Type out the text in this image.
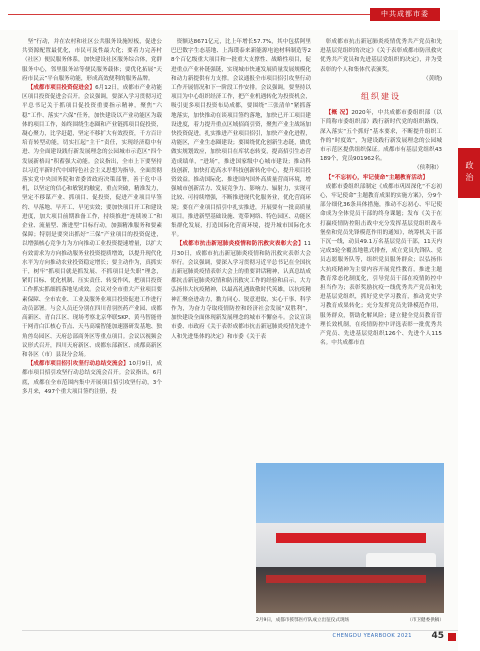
中共成都市委
政治

坚”行动，并在农村和社区公共服务设施短板，促进公共资源配置最优化，市民可及性最大化；要着力完善村（社区）便民服务体系，加快建设社区服务综合体，党群服务中心，邻里服务站等便民服务载体；要优化拓展“天府市民云”平台服务功能，形成高效便利的服务品牌。

【成都市项目投资促进会】6月12日，成都市产业功能区项目投资促进会召开。会议强调，要深入学习贯彻习近平总书记关于抓项目促投资重要指示精神，聚焦“六稳”工作、落实“六保”任务，加快建设以产业功能区为载体的项目工作，始终围绕生态圈和产业链抓项目促投资，凝心聚力，比学赶超，坚定不移扩大有效投资，千方百计培育转型动能，切实扛起“主干”责任，实现经济稳中有进、为全面建设践行新发展理念的公园城市示范区“四个发展新格局”积蓄强大动能。会议指出，全市上下要坚持以习近平新时代中国特色社会主义思想为指导，全面贯彻落实党中央国务院和省委省政府决策部署，善于危中寻机，以坚定的信心和敏锐的触觉，重点突破，精准发力，坚定不移谋产业、抓项目、促投资，促进产业项目早签约、早落地、早开工、早见实效；要加快项目开工和建设进度，加大项目前期准备工作，持续推进“连续竣工”和企业、流量型、渐进型”目标行动，加强精准服务和要素保障；特别是要突出抓好“三保”产业项目的投资促进，以增强核心竞争力为方向推动工业投资提速增量，以扩大有效需求为方向推动服务业投资提质增效，以提升现代化水平为方向推动农业投资稳定增长；要主动作为，真抓实干，树牢“抓项目就是抓发展、不抓项目是失职”理念，紧盯目标、优化机制、压实责任、转变作风，把项目投资工作抓实抓细抓落地见成效。会议对全市重大产业项目要素保障、全市农业、工业及服务业项目投资促进工作进行动员部署。与会人员还分别在四川青羽医药产业园、成都高新区、青白江区、现场考察北京华联SKP、黄马智能骨干网青白江核心节点、天马高端智能加速器研发基地、独角兽岛园区、天府总部商务区等重点项目。会议以视频会议形式召开，四川天府新区、成都东部新区、成都高新区和各区（市）县设分会场。

【成都市项目招引攻坚行动总结交流会】10月9日，成都市项目招引攻坚行动总结交流会召开。会议指出，6月底，成都在全市范围内集中开展项目招引攻坚行动，3个多月来，497个重大项目签约注册，投

资额达8671亿元，比上年增长57.7%，其中包括阿里巴巴数字生态基地、上海璞泰来新能源电池材料制造等28个百亿级重大项目和一批重大支撑性、战略性项目，促进重点产业补链强链，实现城市快速发展质量发展规模化和动力新提供有力支撑。会议通报全市项目招引攻坚行动工作开展情况和下一阶段工作安排。会议强调，要坚持以项目为中心组织经济工作，把产业机遇转化为投资机会，吸引更多项目投资布局成都，要围绕“三张清单”紧抓落地落实，加快推动在谈项目签约落地，加快已开工项目建设进度，着力提升重点区域招商引资，聚焦产业主战场加快投资促进，扎实推进产业项目招引，加快产业化进程，功能区，产业生态圈建设；要围绕优化创新生态链，做优做实规划效应，加快项目在库状态转变，提高招引生态营造成绩单，“进场”，推进国家级中心城市建设；推动科技创新，加快打造高水平科技创新转化中心，提升项目投资效益。推动国际化、推进国内国外高质量营商环境，增强城市创新活力、发展竞争力、影响力、辐射力，实现可比较、可持续增强，不断推进现代化服务业，优化营商环境；要在产业项目招引中扎实推进，开展要有一批高质量项目。推进新型基础设施、宽带网络、特色园区、功能区集群化发展，打造国际化营商环境，提升城市国际化水平。

【成都市抗击新冠肺炎疫情和防汛救灾表彰大会】11月30日，成都市抗击新冠肺炎疫情和防汛救灾表彰大会举行。会议强调，要深入学习贯彻习近平总书记在全国抗击新冠肺炎疫情表彰大会上的重要讲话精神，认真总结成都抗击新冠肺炎疫情和防汛救灾工作的经验和启示，大力弘扬伟大抗疫精神，以最高礼遇致敬时代英雄，以抗疫精神汇聚奋进动力，勠力同心、锐意进取，实心干事、科学作为，为奋力夺取疫情防控和经济社会发展“双胜利”，加快建设全面体现新发展理念的城市不懈奋斗。会议宣读市委、市政府《关于表彰成都市抗击新冠肺炎疫情先进个人和先进集体的决定》和市委《关于表

彰成都市抗击新冠肺炎疫情优秀共产党员和先进基层党组织的决定》《关于表彰成都市防汛救灾优秀共产党员和先进基层党组织的决定》，并为受表彰的个人和集体代表颁奖。

（黄晓)

组织建设

【概 况】2020年，中共成都市委组织部（以下简称市委组织部）践行新时代党的组织路线，深入落实“五个抓好”基本要求，不断提升组织工作的“时度效”，为建设践行新发展理念的公园城市示范区提供组织保证。成都市有基层党组织43189个，党员901962名。

（侯利和）

【“不忘初心，牢记使命”主题教育活动】

成都市委组织部制定《成都市巩固深化“不忘初心，牢记使命”主题教育成果的实施方案》，分9个部分细化36条具体措施，推动不忘初心、牢记使命成为全体党员干部的终身课题；发布《关于在打赢疫情防控阻击战中充分发挥基层党组织战斗堡垒和党员先锋模范作用的通知》，统筹机关干部下沉一线，动员49.1万名基层党员干部，11天内完成3轮全覆盖地毯式排查，成立党员先锋队、党员志愿服务队等，组织党员服务群众；以弘扬伟大抗疫精神为主要内容开展党性教育，推进主题教育常态化制度化，引导党员干部在疫情防控中担当作为；表彰奖励抗疫一线优秀共产党员和先进基层党组织，抓好党史学习教育，推动党史学习教育成果转化；充分发挥党员先锋模范作用，服务群众，帮助化解风险；建立健全党员教育管理长效机制，在疫情防控中评选表彰一批优秀共产党员、先进基层党组织126个、先进个人115名。中共成都市直

2月9日，成都市援鄂医疗队成立出征仪式现场	（市卫健委供稿）
CHENGDU YEARBOOK 2021 45
